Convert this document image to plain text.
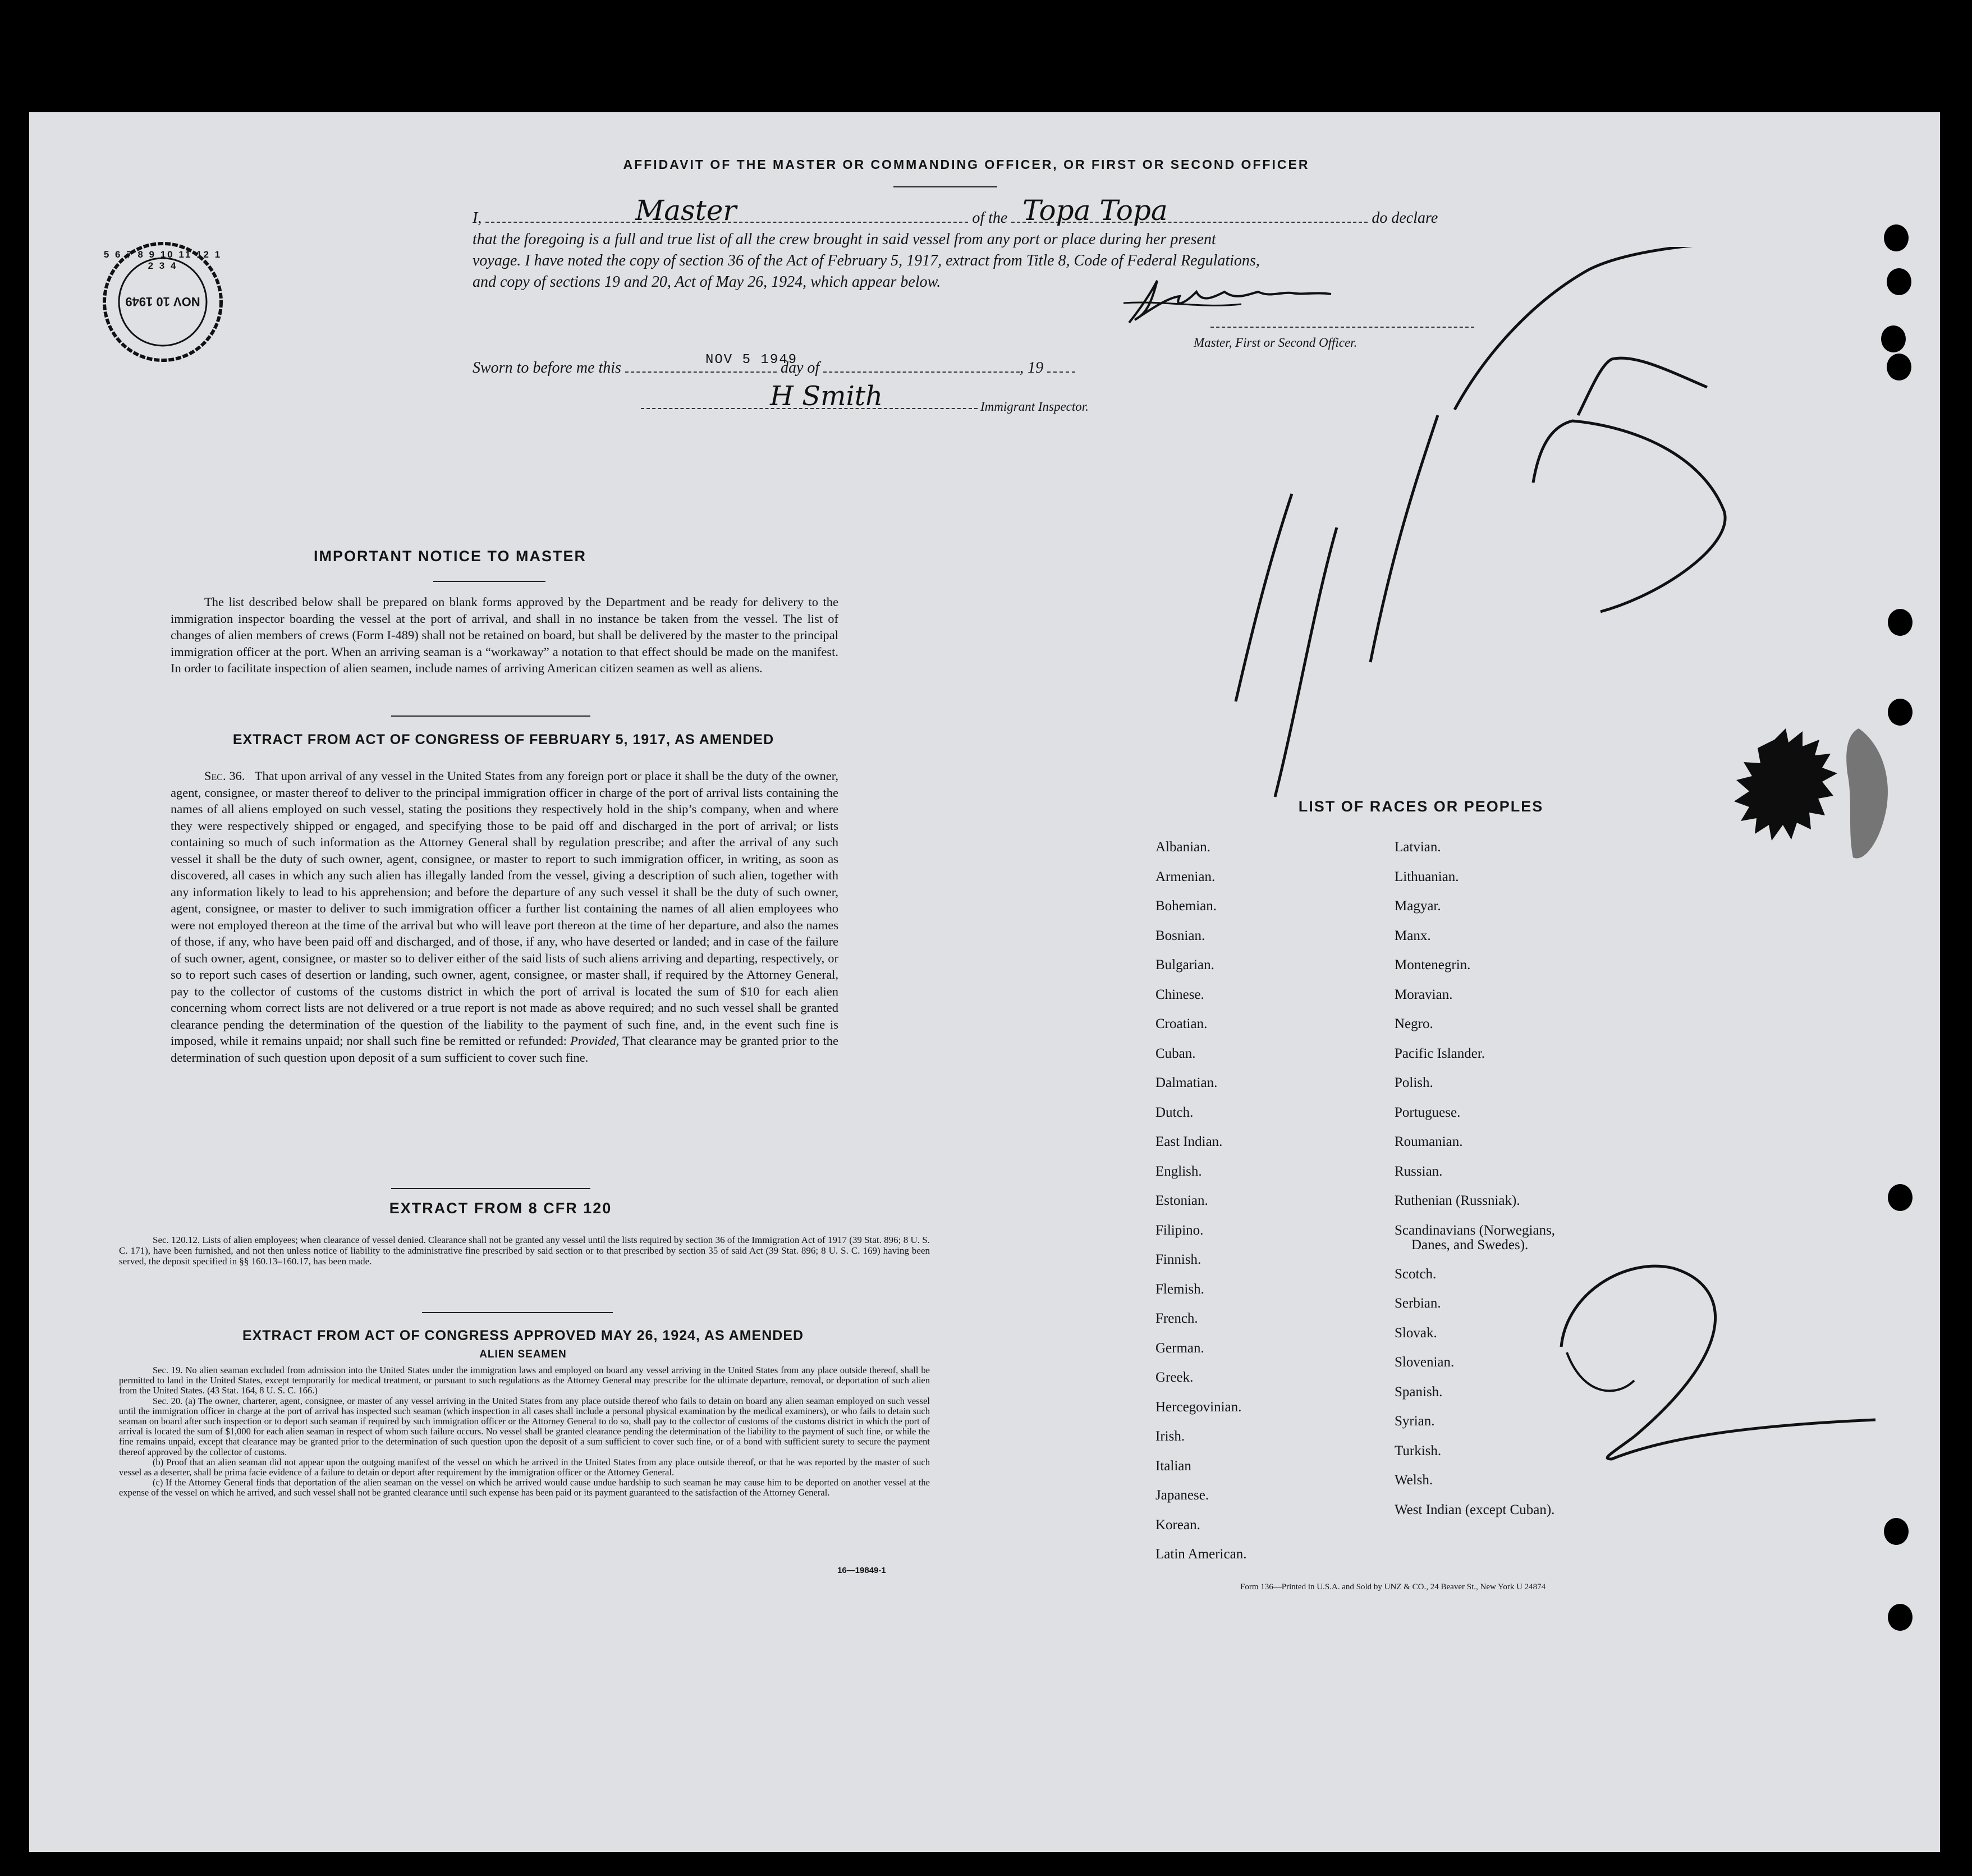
AFFIDAVIT OF THE MASTER OR COMMANDING OFFICER, OR FIRST OR SECOND OFFICER
I,	of the	do declare
that the foregoing is a full and true list of all the crew brought in said vessel from any port or place during her present
voyage. I have noted the copy of section 36 of the Act of February 5, 1917, extract from Title 8, Code of Federal Regulations,
and copy of sections 19 and 20, Act of May 26, 1924, which appear below.
Master	Topa Topa
Master, First or Second Officer.
Sworn to before me this	day of	, 19
NOV 5 1949
H Smith	Immigrant Inspector.
5 6 7 8 9 10 11 12 1 2 3 4
NOV 10 1949
IMPORTANT NOTICE TO MASTER

The list described below shall be prepared on blank forms approved by the Department and be ready for delivery to the immigration inspector boarding the vessel at the port of arrival, and shall in no instance be taken from the vessel. The list of changes of alien members of crews (Form I-489) shall not be retained on board, but shall be delivered by the master to the principal immigration officer at the port. When an arriving seaman is a “workaway” a notation to that effect should be made on the manifest. In order to facilitate inspection of alien seamen, include names of arriving American citizen seamen as well as aliens.

EXTRACT FROM ACT OF CONGRESS OF FEBRUARY 5, 1917, AS AMENDED

Sec. 36. That upon arrival of any vessel in the United States from any foreign port or place it shall be the duty of the owner, agent, consignee, or master thereof to deliver to the principal immigration officer in charge of the port of arrival lists containing the names of all aliens employed on such vessel, stating the positions they respectively hold in the ship’s company, when and where they were respectively shipped or engaged, and specifying those to be paid off and discharged in the port of arrival; or lists containing so much of such information as the Attorney General shall by regulation prescribe; and after the arrival of any such vessel it shall be the duty of such owner, agent, consignee, or master to report to such immigration officer, in writing, as soon as discovered, all cases in which any such alien has illegally landed from the vessel, giving a description of such alien, together with any information likely to lead to his apprehension; and before the departure of any such vessel it shall be the duty of such owner, agent, consignee, or master to deliver to such immigration officer a further list containing the names of all alien employees who were not employed thereon at the time of the arrival but who will leave port thereon at the time of her departure, and also the names of those, if any, who have been paid off and discharged, and of those, if any, who have deserted or landed; and in case of the failure of such owner, agent, consignee, or master so to deliver either of the said lists of such aliens arriving and departing, respectively, or so to report such cases of desertion or landing, such owner, agent, consignee, or master shall, if required by the Attorney General, pay to the collector of customs of the customs district in which the port of arrival is located the sum of $10 for each alien concerning whom correct lists are not delivered or a true report is not made as above required; and no such vessel shall be granted clearance pending the determination of the question of the liability to the payment of such fine, and, in the event such fine is imposed, while it remains unpaid; nor shall such fine be remitted or refunded: Provided, That clearance may be granted prior to the determination of such question upon deposit of a sum sufficient to cover such fine.

EXTRACT FROM 8 CFR 120

Sec. 120.12. Lists of alien employees; when clearance of vessel denied. Clearance shall not be granted any vessel until the lists required by section 36 of the Immigration Act of 1917 (39 Stat. 896; 8 U. S. C. 171), have been furnished, and not then unless notice of liability to the administrative fine prescribed by said section or to that prescribed by section 35 of said Act (39 Stat. 896; 8 U. S. C. 169) having been served, the deposit specified in §§ 160.13–160.17, has been made.

EXTRACT FROM ACT OF CONGRESS APPROVED MAY 26, 1924, AS AMENDED
ALIEN SEAMEN

Sec. 19. No alien seaman excluded from admission into the United States under the immigration laws and employed on board any vessel arriving in the United States from any place outside thereof, shall be permitted to land in the United States, except temporarily for medical treatment, or pursuant to such regulations as the Attorney General may prescribe for the ultimate departure, removal, or deportation of such alien from the United States. (43 Stat. 164, 8 U. S. C. 166.)

Sec. 20. (a) The owner, charterer, agent, consignee, or master of any vessel arriving in the United States from any place outside thereof who fails to detain on board any alien seaman employed on such vessel until the immigration officer in charge at the port of arrival has inspected such seaman (which inspection in all cases shall include a personal physical examination by the medical examiners), or who fails to detain such seaman on board after such inspection or to deport such seaman if required by such immigration officer or the Attorney General to do so, shall pay to the collector of customs of the customs district in which the port of arrival is located the sum of $1,000 for each alien seaman in respect of whom such failure occurs. No vessel shall be granted clearance pending the determination of the liability to the payment of such fine, or while the fine remains unpaid, except that clearance may be granted prior to the determination of such question upon the deposit of a sum sufficient to cover such fine, or of a bond with sufficient surety to secure the payment thereof approved by the collector of customs.

(b) Proof that an alien seaman did not appear upon the outgoing manifest of the vessel on which he arrived in the United States from any place outside thereof, or that he was reported by the master of such vessel as a deserter, shall be prima facie evidence of a failure to detain or deport after requirement by the immigration officer or the Attorney General.

(c) If the Attorney General finds that deportation of the alien seaman on the vessel on which he arrived would cause undue hardship to such seaman he may cause him to be deported on another vessel at the expense of the vessel on which he arrived, and such vessel shall not be granted clearance until such expense has been paid or its payment guaranteed to the satisfaction of the Attorney General.

16—19849-1
LIST OF RACES OR PEOPLES
Albanian.
Armenian.
Bohemian.
Bosnian.
Bulgarian.
Chinese.
Croatian.
Cuban.
Dalmatian.
Dutch.
East Indian.
English.
Estonian.
Filipino.
Finnish.
Flemish.
French.
German.
Greek.
Hercegovinian.
Irish.
Italian
Japanese.
Korean.
Latin American.
Latvian.
Lithuanian.
Magyar.
Manx.
Montenegrin.
Moravian.
Negro.
Pacific Islander.
Polish.
Portuguese.
Roumanian.
Russian.
Ruthenian (Russniak).
Scandinavians (Norwegians,
Danes, and Swedes).
Scotch.
Serbian.
Slovak.
Slovenian.
Spanish.
Syrian.
Turkish.
Welsh.
West Indian (except Cuban).
Form 136—Printed in U.S.A. and Sold by UNZ & CO., 24 Beaver St., New York U 24874
